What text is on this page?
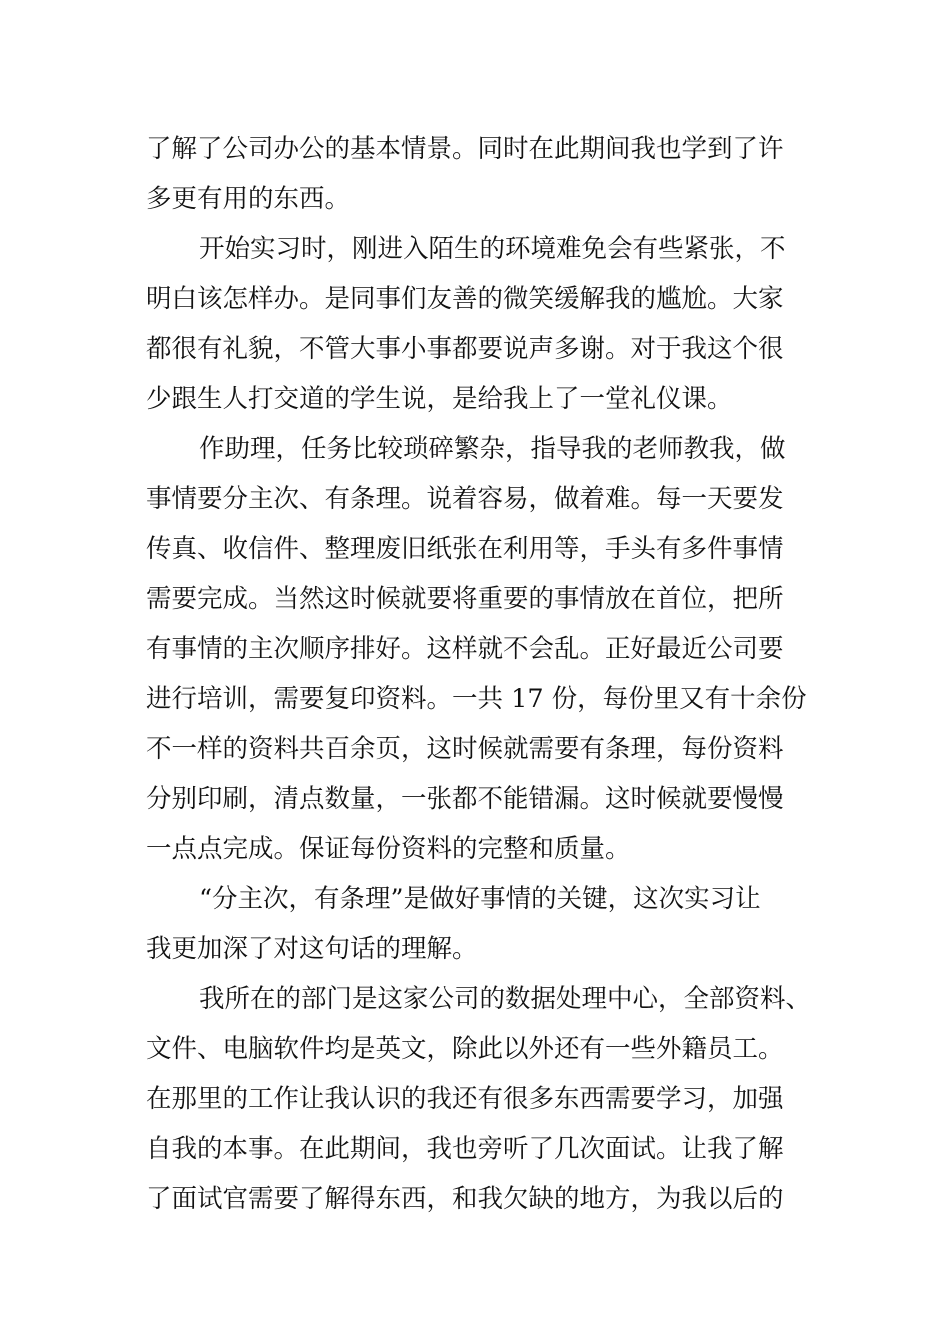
了解了公司办公的基本情景。同时在此期间我也学到了许
多更有用的东西。
开始实习时，刚进入陌生的环境难免会有些紧张，不
明白该怎样办。是同事们友善的微笑缓解我的尴尬。大家
都很有礼貌，不管大事小事都要说声多谢。对于我这个很
少跟生人打交道的学生说，是给我上了一堂礼仪课。
作助理，任务比较琐碎繁杂，指导我的老师教我，做
事情要分主次、有条理。说着容易，做着难。每一天要发
传真、收信件、整理废旧纸张在利用等，手头有多件事情
需要完成。当然这时候就要将重要的事情放在首位，把所
有事情的主次顺序排好。这样就不会乱。正好最近公司要
进行培训，需要复印资料。一共 17 份，每份里又有十余份
不一样的资料共百余页，这时候就需要有条理，每份资料
分别印刷，清点数量，一张都不能错漏。这时候就要慢慢
一点点完成。保证每份资料的完整和质量。
“分主次，有条理”是做好事情的关键，这次实习让
我更加深了对这句话的理解。
我所在的部门是这家公司的数据处理中心，全部资料、
文件、电脑软件均是英文，除此以外还有一些外籍员工。
在那里的工作让我认识的我还有很多东西需要学习，加强
自我的本事。在此期间，我也旁听了几次面试。让我了解
了面试官需要了解得东西，和我欠缺的地方，为我以后的
